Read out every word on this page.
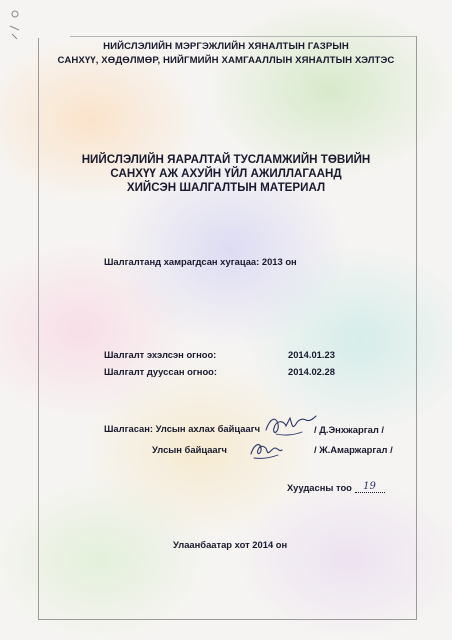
НИЙСЛЭЛИЙН МЭРГЭЖЛИЙН ХЯНАЛТЫН ГАЗРЫН
САНХҮҮ, ХӨДӨЛМӨР, НИЙГМИЙН ХАМГААЛЛЫН ХЯНАЛТЫН ХЭЛТЭС
НИЙСЛЭЛИЙН ЯАРАЛТАЙ ТУСЛАМЖИЙН ТӨВИЙН
САНХҮҮ АЖ АХУЙН ҮЙЛ АЖИЛЛАГААНД
ХИЙСЭН ШАЛГАЛТЫН МАТЕРИАЛ
Шалгалтанд хамрагдсан хугацаа: 2013 он
Шалгалт эхэлсэн огноо:	2014.01.23
Шалгалт дууссан огноо:	2014.02.28
Шалгасан: Улсын ахлах байцаагч
Улсын байцаагч
/ Д.Энхжаргал /
/ Ж.Амаржаргал /
Хуудасны тоо 19
Улаанбаатар хот 2014 он
